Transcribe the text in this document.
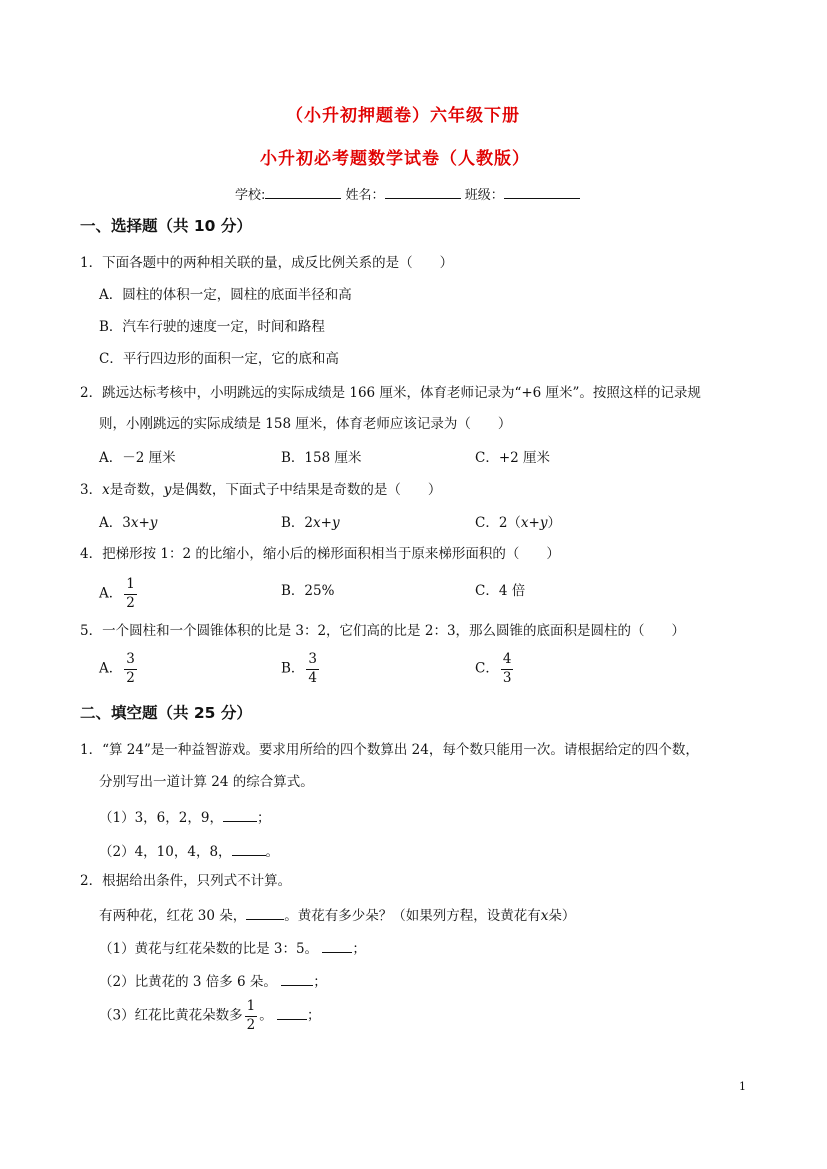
（小升初押题卷）六年级下册
小升初必考题数学试卷（人教版）
学校:	姓名：	班级：
一、选择题（共 10 分）
1．下面各题中的两种相关联的量，成反比例关系的是（　　）
A．圆柱的体积一定，圆柱的底面半径和高
B．汽车行驶的速度一定，时间和路程
C．平行四边形的面积一定，它的底和高
2．跳远达标考核中，小明跳远的实际成绩是 166 厘米，体育老师记录为“+6 厘米”。按照这样的记录规
则，小刚跳远的实际成绩是 158 厘米，体育老师应该记录为（　　）
A．－2 厘米	B．158 厘米	C．+2 厘米
3．x是奇数，y是偶数，下面式子中结果是奇数的是（　　）
A．3x+y	B．2x+y	C．2（x+y）
4．把梯形按 1：2 的比缩小，缩小后的梯形面积相当于原来梯形面积的（　　）
A． $\frac{1}{2}$	B．25%	C．4 倍
5．一个圆柱和一个圆锥体积的比是 3：2，它们高的比是 2：3，那么圆锥的底面积是圆柱的（　　）
A． $\frac{3}{2}$	B． $\frac{3}{4}$	C． $\frac{4}{3}$
二、填空题（共 25 分）
1．“算 24”是一种益智游戏。要求用所给的四个数算出 24，每个数只能用一次。请根据给定的四个数，
分别写出一道计算 24 的综合算式。
（1）3，6，2，9，	；
（2）4，10，4，8，	。
2．根据给出条件，只列式不计算。
有两种花，红花 30 朵，	。黄花有多少朵？（如果列方程，设黄花有x朵）
（1）黄花与红花朵数的比是 3：5。	；
（2）比黄花的 3 倍多 6 朵。	；
（3）红花比黄花朵数多 $\frac{1}{2}$ 。	；
1
